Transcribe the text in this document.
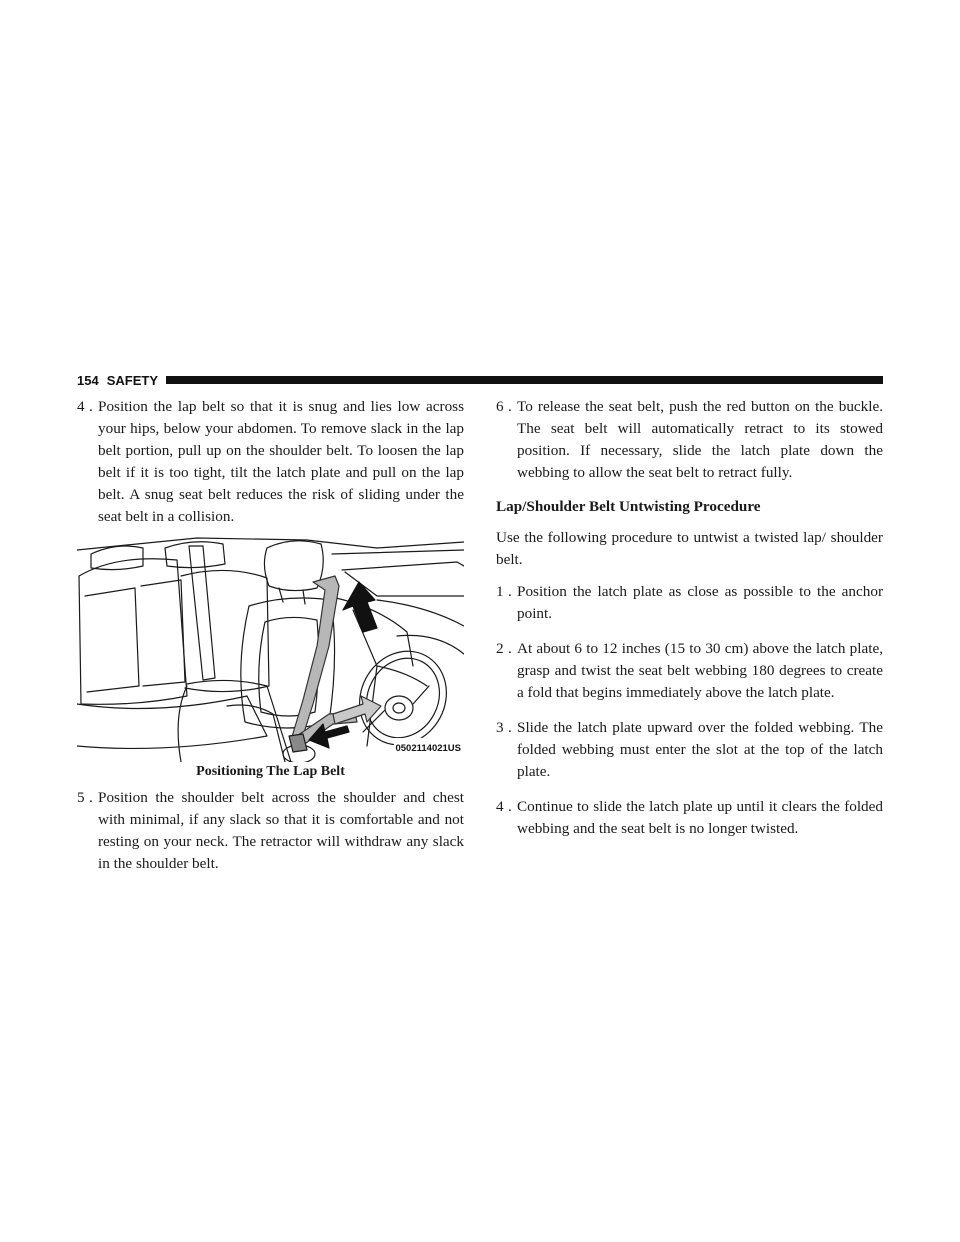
154 SAFETY
4 . Position the lap belt so that it is snug and lies low across your hips, below your abdomen. To remove slack in the lap belt portion, pull up on the shoulder belt. To loosen the lap belt if it is too tight, tilt the latch plate and pull on the lap belt. A snug seat belt reduces the risk of sliding under the seat belt in a collision.
0502114021US
Positioning The Lap Belt
5 . Position the shoulder belt across the shoulder and chest with minimal, if any slack so that it is comfortable and not resting on your neck. The retractor will withdraw any slack in the shoulder belt.
6 . To release the seat belt, push the red button on the buckle. The seat belt will automatically retract to its stowed position. If necessary, slide the latch plate down the webbing to allow the seat belt to retract fully.
Lap/Shoulder Belt Untwisting Procedure

Use the following procedure to untwist a twisted lap/ shoulder belt.

1 . Position the latch plate as close as possible to the anchor point.
2 . At about 6 to 12 inches (15 to 30 cm) above the latch plate, grasp and twist the seat belt webbing 180 degrees to create a fold that begins immediately above the latch plate.
3 . Slide the latch plate upward over the folded webbing. The folded webbing must enter the slot at the top of the latch plate.
4 . Continue to slide the latch plate up until it clears the folded webbing and the seat belt is no longer twisted.
